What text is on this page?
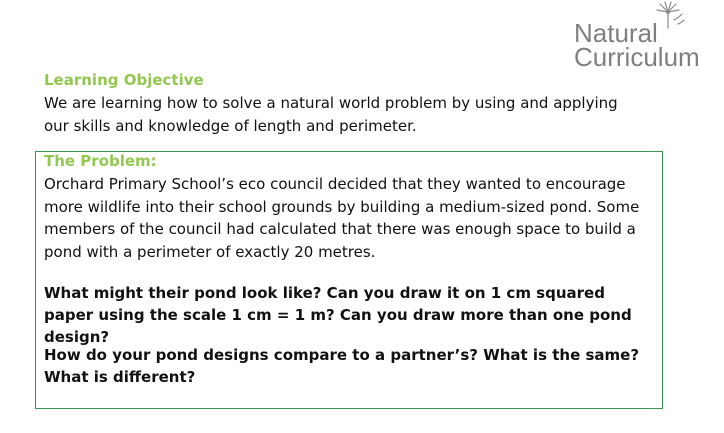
Natural
Curriculum
Learning Objective
We are learning how to solve a natural world problem by using and applying our skills and knowledge of length and perimeter.
The Problem:
Orchard Primary School’s eco council decided that they wanted to encourage more wildlife into their school grounds by building a medium-sized pond. Some members of the council had calculated that there was enough space to build a pond with a perimeter of exactly 20 metres.
What might their pond look like? Can you draw it on 1 cm squared paper using the scale 1 cm = 1 m? Can you draw more than one pond design?
How do your pond designs compare to a partner’s? What is the same? What is different?
